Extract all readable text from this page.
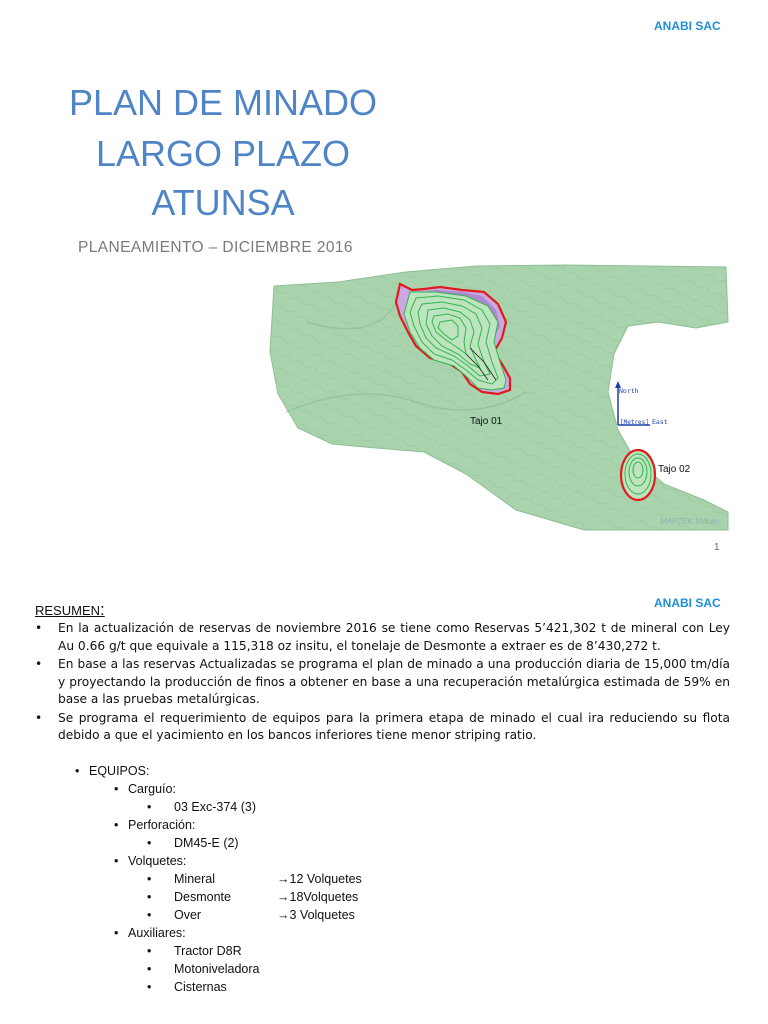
ANABI SAC
PLAN DE MINADO
LARGO PLAZO
ATUNSA
PLANEAMIENTO – DICIEMBRE 2016
Tajo 01
Tajo 02
North
[Metres] East
MAPTEK Vulcan
1
ANABI SAC
RESUMEN:
• En la actualización de reservas de noviembre 2016 se tiene como Reservas 5’421,302 t de mineral con Ley Au 0.66 g/t que equivale a 115,318 oz insitu, el tonelaje de Desmonte a extraer es de 8’430,272 t.
• En base a las reservas Actualizadas se programa el plan de minado a una producción diaria de 15,000 tm/día y proyectando la producción de finos a obtener en base a una recuperación metalúrgica estimada de 59% en base a las pruebas metalúrgicas.
• Se programa el requerimiento de equipos para la primera etapa de minado el cual ira reduciendo su flota debido a que el yacimiento en los bancos inferiores tiene menor striping ratio.
• EQUIPOS:
• Carguío:
• 03 Exc-374 (3)
• Perforación:
• DM45-E (2)
• Volquetes:
• Mineral	→12 Volquetes
• Desmonte	→18Volquetes
• Over	→3 Volquetes
• Auxiliares:
• Tractor D8R
• Motoniveladora
• Cisternas
